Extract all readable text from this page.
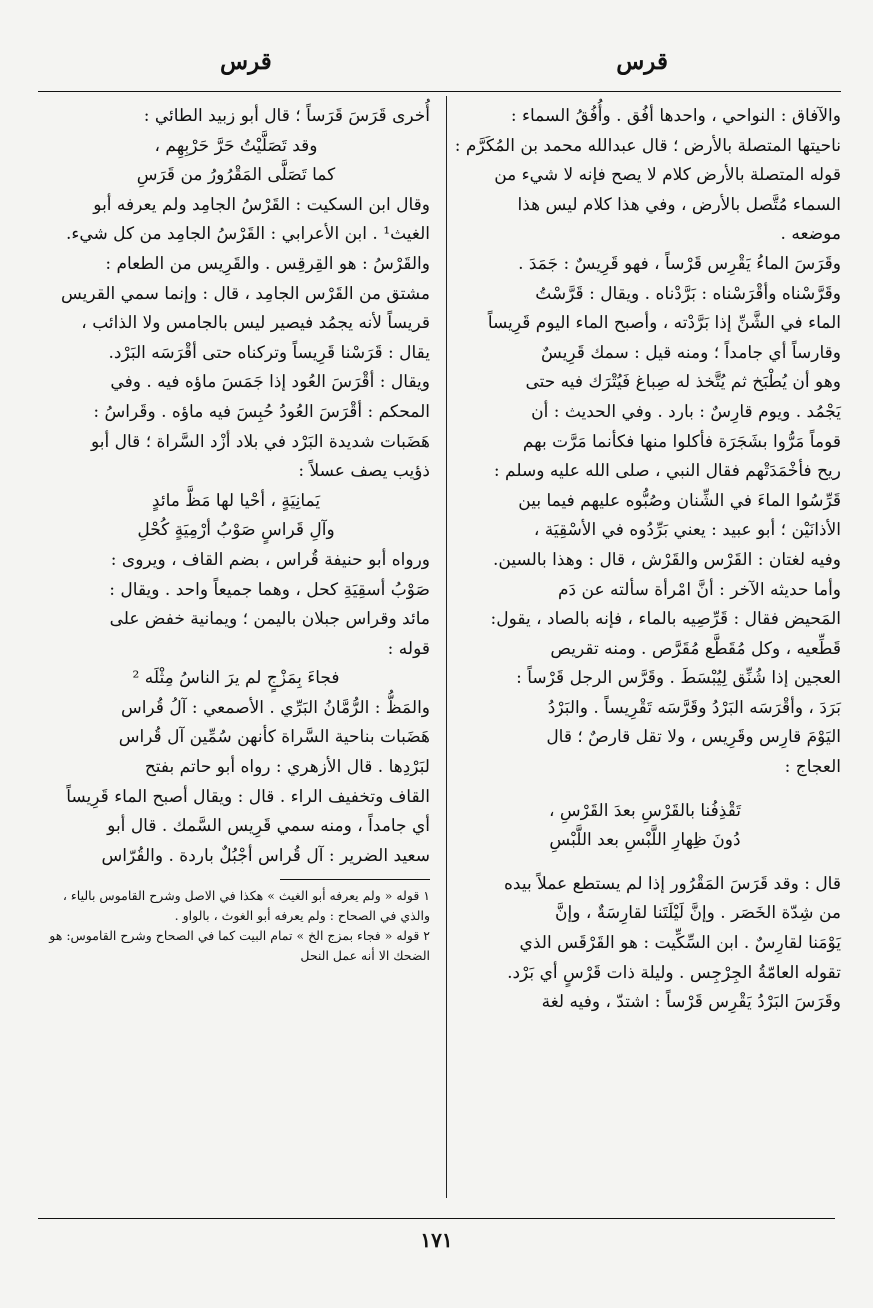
قرس
قرس

والآفاق : النواحي ، واحدها أفُق . وأُفُقُ السماء :

ناحيتها المتصلة بالأرض ؛ قال عبدالله محمد بن المُكَرَّم :

قوله المتصلة بالأرض كلام لا يصح فإنه لا شيء من

السماء مُتَّصل بالأرض ، وفي هذا كلام ليس هذا

موضعه .

وقَرَسَ الماءُ يَقْرِس قَرْساً ، فهو قَرِيسٌ : جَمَدَ .

وقَرَّسْناه وأقْرَسْناه : بَرَّدْناه . ويقال : قَرَّسْتُ

الماء في الشَّنِّ إذا بَرَّدْته ، وأصبح الماء اليوم قَرِيساً

وقارساً أي جامداً ؛ ومنه قيل : سمك قَرِيسٌ

وهو أن يُطْبَخ ثم يُتَّخذ له صِباغ فَيُتْرَك فيه حتى

يَجْمُد . ويوم قارِسٌ : بارد . وفي الحديث : أن

قوماً مَرُّوا بشَجَرَة فأكلوا منها فكأنما مَرَّت بهم

ريح فأخْمَدَتْهم فقال النبي ، صلى الله عليه وسلم :

قَرِّسُوا الماءَ في الشِّنان وصُبُّوه عليهم فيما بين

الأذانَيْن ؛ أبو عبيد : يعني بَرِّدُوه في الأسْقِيَة ،

وفيه لغتان : القَرْس والقَرْش ، قال : وهذا بالسين.

وأما حديثه الآخر : أنَّ امْرأة سألته عن دَم

المَحيض فقال : قَرِّصِيه بالماء ، فإنه بالصاد ، يقول:

قَطِّعيه ، وكل مُقَطَّع مُقَرَّص . ومنه تقريص

العجين إذا شُنِّق لِيُبْسَطَ . وقَرَّس الرجل قَرْساً :

بَرَدَ ، وأقْرَسَه البَرْدُ وقَرَّسَه تَقْرِيساً . والبَرْدُ

اليَوْمَ قارِس وقَرِيس ، ولا تقل قارصٌ ؛ قال

العجاج :

تَقْذِفُنا بالقَرْسِ بعدَ القَرْسِ ،

دُونَ ظِهارِ اللَّبْسِ بعد اللَّبْسِ

قال : وقد قَرَسَ المَقْرُور إذا لم يستطع عملاً بيده

من شِدّة الخَصَر . وإنَّ لَيْلَتَنا لقارِسَةٌ ، وإنَّ

يَوْمَنا لقارِسٌ . ابن السِّكِّيت : هو القَرْقَس الذي

تقوله العامّةُ الجِرْجِس . وليلة ذات قَرْسٍ أي بَرْد.

وقَرَسَ البَرْدُ يَقْرِس قَرْساً : اشتدّ ، وفيه لغة

أُخرى قَرَسَ قَرَساً ؛ قال أبو زبيد الطائي :

وقد تَصَلَّيْتُ حَرَّ حَرْبِهِم ،

كما تَصَلَّى المَقْرُورُ من قَرَسِ

وقال ابن السكيت : القَرْسُ الجامِد ولم يعرفه أبو

الغيث¹ . ابن الأعرابي : القَرْسُ الجامِد من كل شيء.

والقَرْسُ : هو القِرقِس . والقَرِيس من الطعام :

مشتق من القَرْس الجامِد ، قال : وإنما سمي القريس

قريساً لأنه يجمُد فيصير ليس بالجامس ولا الذائب ،

يقال : قَرَسْنا قَرِيساً وتركناه حتى أقْرَسَه البَرْد.

ويقال : أقْرَسَ العُود إذا جَمَسَ ماؤه فيه . وفي

المحكم : أقْرَسَ العُودُ حُبِسَ فيه ماؤه . وقَراسُ :

هَضَبات شديدة البَرْد في بلاد أزْد السَّراة ؛ قال أبو

ذؤيب يصف عسلاً :

يَمانِيَةٍ ، أحْيا لها مَظَّ مائدٍ

وآلِ قَراسٍ صَوْبُ أرْمِيَةٍ كُحْلِ

ورواه أبو حنيفة قُراس ، بضم القاف ، ويروى :

صَوْبُ أسقِيَةِ كحل ، وهما جميعاً واحد . ويقال :

مائد وقراس جبلان باليمن ؛ ويمانية خفض على

قوله :

فجاءَ بِمَزْجٍ لم يرَ الناسُ مِثْلَه ²

والمَظُّ : الرُّمَّانُ البَرِّي . الأصمعي : آلُ قُراس

هَضَبات بناحية السَّراة كأنهن سُمِّين آل قُراس

لبَرْدِها . قال الأزهري : رواه أبو حاتم بفتح

القاف وتخفيف الراء . قال : ويقال أصبح الماء قَرِيساً

أي جامداً ، ومنه سمي قَرِيس السَّمك . قال أبو

سعيد الضرير : آل قُراس أجْبُلٌ باردة . والقُرّاس

١ قوله « ولم يعرفه أبو الغيث » هكذا في الاصل وشرح القاموس بالياء ، والذي في الصحاح : ولم يعرفه أبو الغوث ، بالواو .

٢ قوله « فجاء بمزج الخ » تمام البيت كما في الصحاح وشرح القاموس: هو الضحك الا أنه عمل النحل

١٧١
